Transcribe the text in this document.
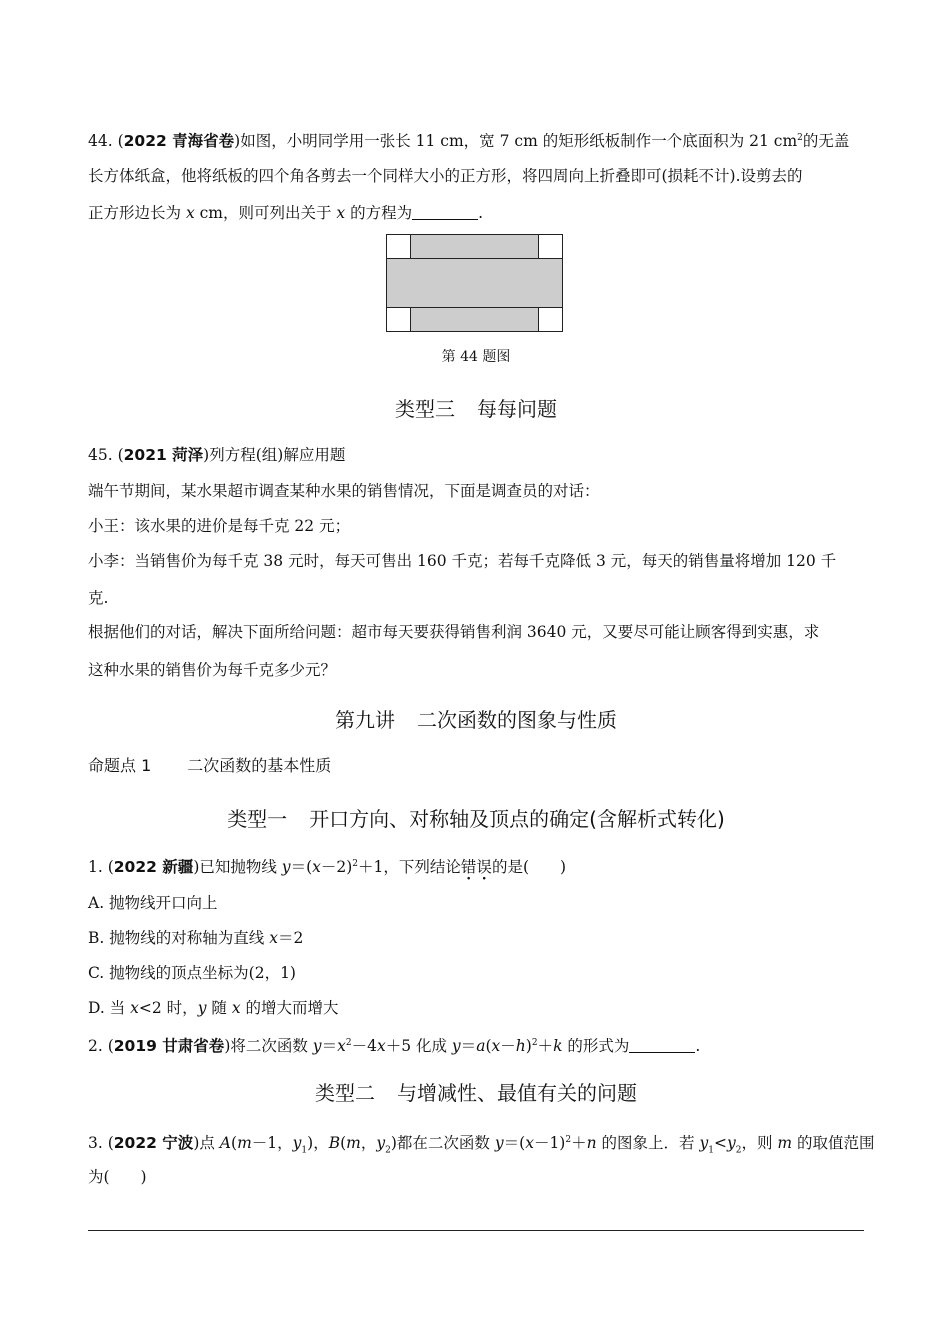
44. (2022 青海省卷)如图，小明同学用一张长 11 cm，宽 7 cm 的矩形纸板制作一个底面积为 21 $cm^2$的无盖
长方体纸盒，他将纸板的四个角各剪去一个同样大小的正方形，将四周向上折叠即可(损耗不计).设剪去的
正方形边长为 x cm，则可列出关于 x 的方程为	.
第 44 题图
类型三 每每问题
45. (2021 菏泽)列方程(组)解应用题
端午节期间，某水果超市调查某种水果的销售情况，下面是调查员的对话：
小王：该水果的进价是每千克 22 元；
小李：当销售价为每千克 38 元时，每天可售出 160 千克；若每千克降低 3 元，每天的销售量将增加 120 千
克.
根据他们的对话，解决下面所给问题：超市每天要获得销售利润 3640 元，又要尽可能让顾客得到实惠，求
这种水果的销售价为每千克多少元？
第九讲 二次函数的图象与性质
命题点 1 二次函数的基本性质
类型一 开口方向、对称轴及顶点的确定(含解析式转化)
1. (2022 新疆)已知抛物线 $y=(x-2)^2+1$，下列结论错误的是(　　)
A. 抛物线开口向上
B. 抛物线的对称轴为直线 x＝2
C. 抛物线的顶点坐标为(2，1)
D. 当 x<2 时，y 随 x 的增大而增大
2. (2019 甘肃省卷)将二次函数 $y=x^2-4x+5$ 化成 $y=a(x-h)^2+k$ 的形式为	.
类型二 与增减性、最值有关的问题
3. (2022 宁波)点 A(m－1，$y_1$)，B(m，$y_2$)都在二次函数 $y=(x-1)^2+n$ 的图象上．若 $y_1<y_2$，则 m 的取值范围
为(　　)
